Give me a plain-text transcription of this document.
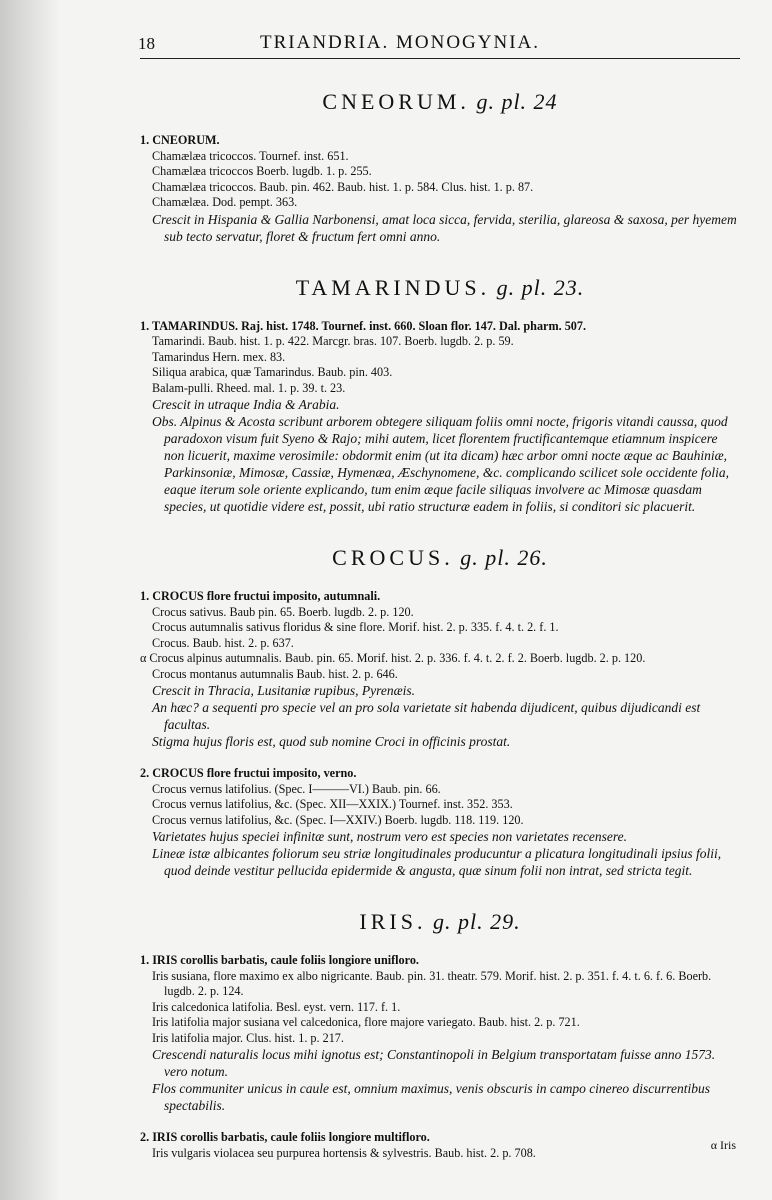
18	TRIANDRIA. MONOGYNIA.
CNEORUM. g. pl. 24
1. CNEORUM.
Chamælæa tricoccos. Tournef. inst. 651.
Chamælæa tricoccos Boerb. lugdb. 1. p. 255.
Chamælæa tricoccos. Baub. pin. 462. Baub. hist. 1. p. 584. Clus. hist. 1. p. 87.
Chamælæa. Dod. pempt. 363.
Crescit in Hispania & Gallia Narbonensi, amat loca sicca, fervida, sterilia, glareosa & saxosa, per hyemem sub tecto servatur, floret & fructum fert omni anno.
TAMARINDUS. g. pl. 23.
1. TAMARINDUS. Raj. hist. 1748. Tournef. inst. 660. Sloan flor. 147. Dal. pharm. 507.
Tamarindi. Baub. hist. 1. p. 422. Marcgr. bras. 107. Boerb. lugdb. 2. p. 59.
Tamarindus Hern. mex. 83.
Siliqua arabica, quæ Tamarindus. Baub. pin. 403.
Balam-pulli. Rheed. mal. 1. p. 39. t. 23.
Crescit in utraque India & Arabia.
Obs. Alpinus & Acosta scribunt arborem obtegere siliquam foliis omni nocte, frigoris vitandi caussa, quod paradoxon visum fuit Syeno & Rajo; mihi autem, licet florentem fructificantemque etiamnum inspicere non licuerit, maxime verosimile: obdormit enim (ut ita dicam) hæc arbor omni nocte æque ac Bauhiniæ, Parkinsoniæ, Mimosæ, Cassiæ, Hymenæa, Æschynomene, &c. complicando scilicet sole occidente folia, eaque iterum sole oriente explicando, tum enim æque facile siliquas involvere ac Mimosæ quasdam species, ut quotidie videre est, possit, ubi ratio structuræ eadem in foliis, si conditori sic placuerit.
CROCUS. g. pl. 26.
1. CROCUS flore fructui imposito, autumnali.
Crocus sativus. Baub pin. 65. Boerb. lugdb. 2. p. 120.
Crocus autumnalis sativus floridus & sine flore. Morif. hist. 2. p. 335. f. 4. t. 2. f. 1.
Crocus. Baub. hist. 2. p. 637.
α Crocus alpinus autumnalis. Baub. pin. 65. Morif. hist. 2. p. 336. f. 4. t. 2. f. 2. Boerb. lugdb. 2. p. 120.
Crocus montanus autumnalis Baub. hist. 2. p. 646.
Crescit in Thracia, Lusitaniæ rupibus, Pyrenæis.
An hæc? a sequenti pro specie vel an pro sola varietate sit habenda dijudicent, quibus dijudicandi est facultas.
Stigma hujus floris est, quod sub nomine Croci in officinis prostat.
2. CROCUS flore fructui imposito, verno.
Crocus vernus latifolius. (Spec. I———VI.) Baub. pin. 66.
Crocus vernus latifolius, &c. (Spec. XII—XXIX.) Tournef. inst. 352. 353.
Crocus vernus latifolius, &c. (Spec. I—XXIV.) Boerb. lugdb. 118. 119. 120.
Varietates hujus speciei infinitæ sunt, nostrum vero est species non varietates recensere.
Lineæ istæ albicantes foliorum seu striæ longitudinales producuntur a plicatura longitudinali ipsius folii, quod deinde vestitur pellucida epidermide & angusta, quæ sinum folii non intrat, sed stricta tegit.
IRIS. g. pl. 29.
1. IRIS corollis barbatis, caule foliis longiore unifloro.
Iris susiana, flore maximo ex albo nigricante. Baub. pin. 31. theatr. 579. Morif. hist. 2. p. 351. f. 4. t. 6. f. 6. Boerb. lugdb. 2. p. 124.
Iris calcedonica latifolia. Besl. eyst. vern. 117. f. 1.
Iris latifolia major susiana vel calcedonica, flore majore variegato. Baub. hist. 2. p. 721.
Iris latifolia major. Clus. hist. 1. p. 217.
Crescendi naturalis locus mihi ignotus est; Constantinopoli in Belgium transportatam fuisse anno 1573. vero notum.
Flos communiter unicus in caule est, omnium maximus, venis obscuris in campo cinereo discurrentibus spectabilis.
2. IRIS corollis barbatis, caule foliis longiore multifloro.
Iris vulgaris violacea seu purpurea hortensis & sylvestris. Baub. hist. 2. p. 708.
α Iris
